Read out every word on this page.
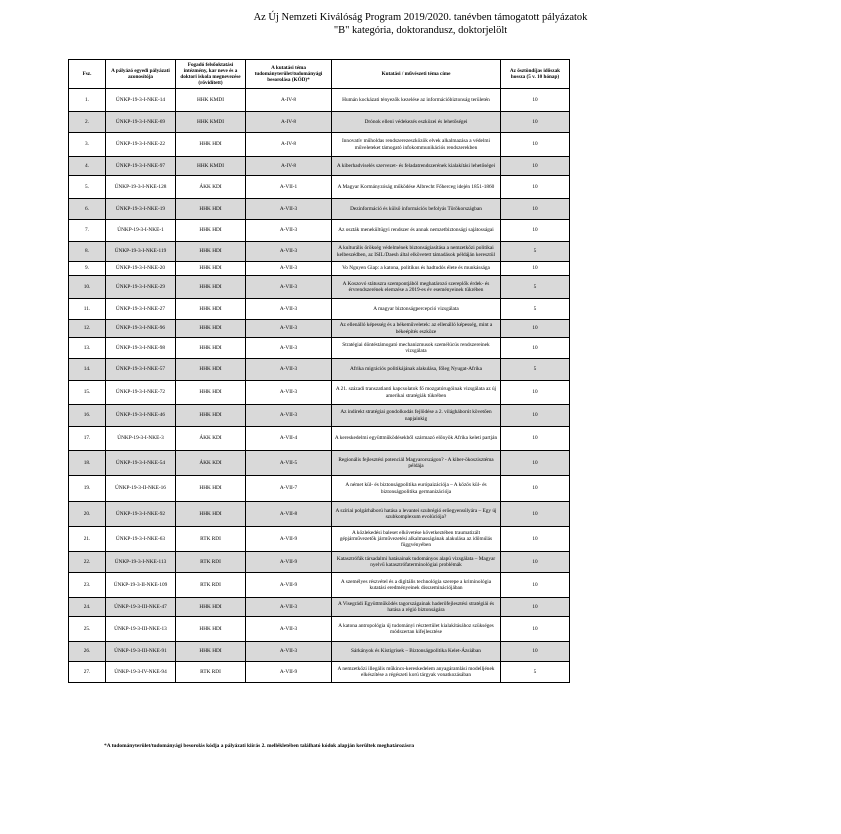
Az Új Nemzeti Kiválóság Program 2019/2020. tanévben támogatott pályázatok
"B" kategória, doktorandusz, doktorjelölt
Fsz.	A pályázó egyedi pályázati azonosítója	Fogadó felsőoktatási intézmény, kar neve és a doktori iskola megnevezése (rövidített)	A kutatási téma tudományterület/tudományági besorolása (KÓD)*	Kutatási / művészeti téma címe	Az ösztöndíjas időszak hossza (5 v. 10 hónap)
1.	ÚNKP-19-3-I-NKE-14	HHK KMDI	A-IV-8	Humán kockázati tényezők kezelése az információbiztonság területén	10
2.	ÚNKP-19-3-I-NKE-69	HHK KMDI	A-IV-8	Drónok elleni védekezés eszközei és lehetőségei	10
3.	ÚNKP-19-3-I-NKE-22	HHK HDI	A-IV-8	Innovatív műholdas rendszerezeszközök elvek alkalmazása a védelmi műveleteket támogató infokommunikációs rendszerekben	10
4.	ÚNKP-19-3-I-NKE-97	HHK KMDI	A-IV-8	A kiberhadviselés szervezet- és feladatrendszerének kialakítási lehetőségei	10
5.	ÚNKP-19-3-I-NKE-128	ÁKK KDI	A-VII-1	A Magyar Kormányzóság működése Albrecht Főherceg idején 1851-1860	10
6.	ÚNKP-19-3-I-NKE-19	HHK HDI	A-VII-3	Dezinformáció és külső információs befolyás Törökországban	10
7.	ÚNKP-19-3-I-NKE-1	HHK HDI	A-VII-3	Az oszták menekültügyi rendszer és annak nemzetbiztonsági sajátosságai	10
8.	ÚNKP-19-3-I-NKE-119	HHK HDI	A-VII-3	A kulturális örökség védelmének biztonságiasítása a nemzetközi politikai kelbeszédben, az ISIL/Daesh által elkövetett támadások példáján keresztül	5
9.	ÚNKP-19-3-I-NKE-20	HHK HDI	A-VII-3	Vo Nguyen Giap: a katona, politikus és hadtudós élete és munkássága	10
10.	ÚNKP-19-3-I-NKE-29	HHK HDI	A-VII-3	A Koszovó státuszra szempontjából meghatározó szereplők érdek- és érvrendszerének elemzése a 2019-es év eseményeinek tükrében	5
11.	ÚNKP-19-3-I-NKE-27	HHK HDI	A-VII-3	A magyar biztonságpercepció vizsgálata	5
12.	ÚNKP-19-3-I-NKE-96	HHK HDI	A-VII-3	Az ellenálló képesség és a békeműveletek: az ellenálló képesség, mint a békeépítés eszköze	10
13.	ÚNKP-19-3-I-NKE-98	HHK HDI	A-VII-3	Stratégiai döntéstámogató mechanizmusok személúcús rendszereinek vizsgálata	10
14.	ÚNKP-19-3-I-NKE-57	HHK HDI	A-VII-3	Afrika migrációs politikájának alakulása, főleg Nyugat-Afrika	5
15.	ÚNKP-19-3-I-NKE-72	HHK HDI	A-VII-3	A 21. századi transzatlanti kapcsolatok fő mozgatórugóinak vizsgálata az új amerikai stratégiák tükrében	10
16.	ÚNKP-19-3-I-NKE-46	HHK HDI	A-VII-3	Az indirekt stratégiai gondolkodás fejlődése a 2. világháborút követően napjainkig	10
17.	ÚNKP-19-3-I-NKE-3	ÁKK KDI	A-VII-4	A kereskedelmi együttműködésekből származó előnyök Afrika keleti partján	10
18.	ÚNKP-19-3-I-NKE-54	ÁKK KDI	A-VII-5	Regionális fejlesztési potenciál Magyarországon? - A kiber-ökoszisztéma példája	10
19.	ÚNKP-19-3-II-NKE-16	HHK HDI	A-VII-7	A német kül- és biztonságpolitika európaizációja – A közös kül- és biztonságpolitika germanizációja	10
20.	ÚNKP-19-3-I-NKE-92	HHK HDI	A-VII-8	A szíriai polgárháború hatása a levantei szubrégió erőegyensúlyára – Egy új szubkomplexum evolúciója?	10
21.	ÚNKP-19-3-I-NKE-63	RTK RDI	A-VII-9	A közlekedési baleset elkövetése következtében traumatizált gépjárművezetők járművezetési alkalmasságának alakulása az időmúlás függvényében	10
22.	ÚNKP-19-3-I-NKE-113	RTK RDI	A-VII-9	Katasztrófák társadalmi hatásainak tudományos alapú vizsgálata – Magyar nyelvű katasztrófaterminológiai problémák	10
23.	ÚNKP-19-3-II-NKE-109	RTK RDI	A-VII-9	A személyes részvétel és a digitális technológia szerepe a kriminológia kutatási eredményeinek disszeminációjában	10
24.	ÚNKP-19-3-III-NKE-47	HHK HDI	A-VII-3	A Visegrádi Együttműködés tagországainak haderőfejlesztési stratégiái és hatása a régió biztonságára	10
25.	ÚNKP-19-3-III-NKE-13	HHK HDI	A-VII-3	A katona antropológia új tudományi résztertület kialakításához szükséges módszertan kifejlesztése	10
26.	ÚNKP-19-3-III-NKE-91	HHK HDI	A-VII-3	Sárkányok és Kistigrisek – Biztonságpolitika Kelet-Ázsiában	10
27.	ÚNKP-19-3-IV-NKE-94	RTK RDI	A-VII-9	A nemzetközi illegális műkincs-kereskedelem anyagáramlási modelljének elkészítése a régészeti korú tárgyak vonatkozásában	5
*A tudományterület/tudományági besorolás kódja a pályázati kiírás 2. mellékletében található kódok alapján kerültek meghatározásra
